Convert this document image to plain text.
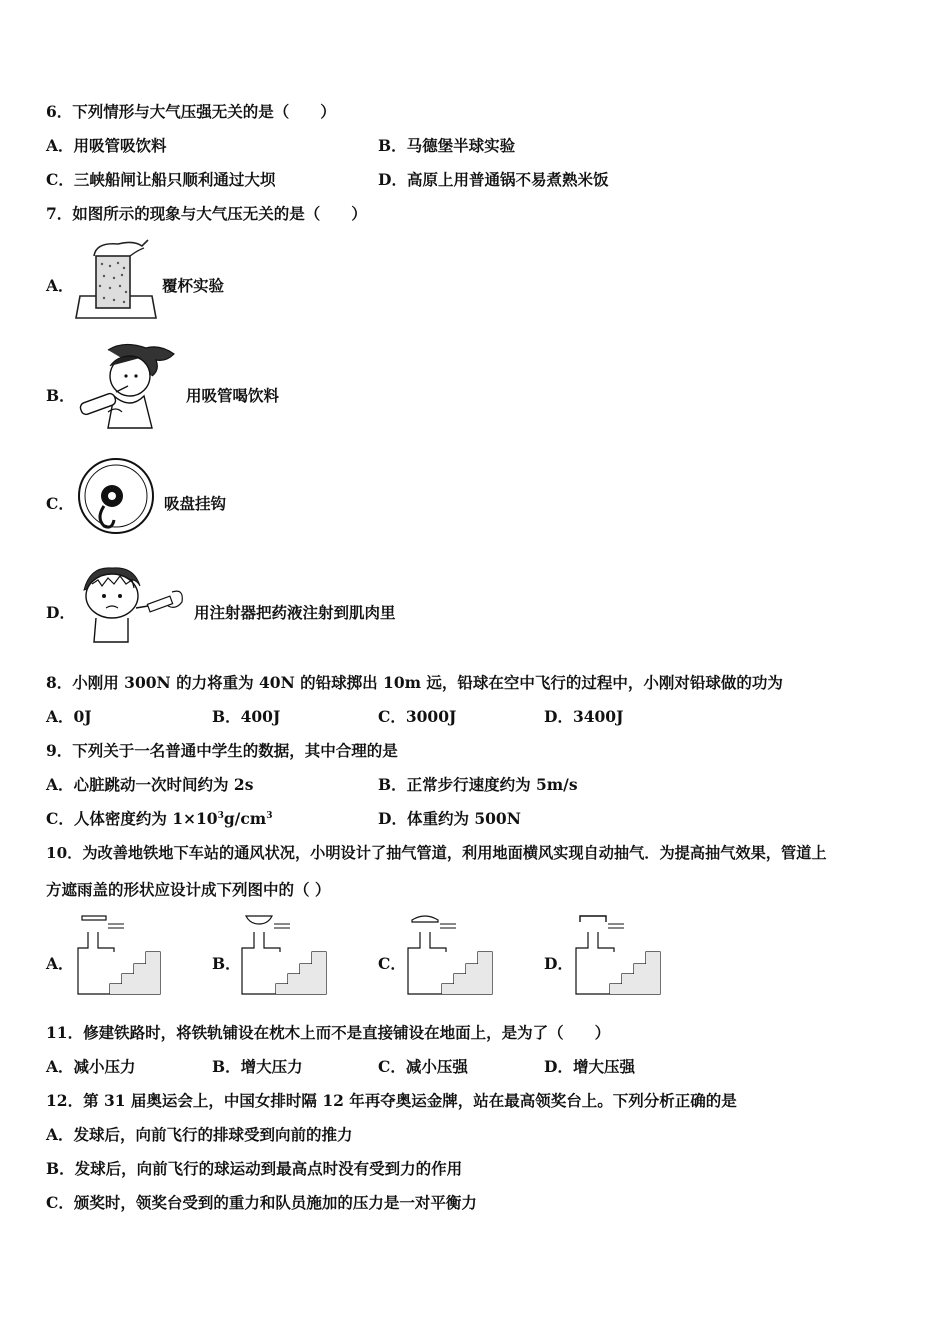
6．下列情形与大气压强无关的是（　　）
A．用吸管吸饮料	B．马德堡半球实验
C．三峡船闸让船只顺利通过大坝	D．高原上用普通锅不易煮熟米饭
7．如图所示的现象与大气压无关的是（　　）
A．	覆杯实验
B．	用吸管喝饮料
C．	吸盘挂钩
D．	用注射器把药液注射到肌肉里
8．小刚用 300N 的力将重为 40N 的铅球掷出 10m 远，铅球在空中飞行的过程中，小刚对铅球做的功为
A．0J	B．400J	C．3000J	D．3400J
9．下列关于一名普通中学生的数据，其中合理的是
A．心脏跳动一次时间约为 2s	B．正常步行速度约为 5m/s
C．人体密度约为 $1\times 10^3g/cm^3$	D．体重约为 500N
10．为改善地铁地下车站的通风状况，小明设计了抽气管道，利用地面横风实现自动抽气．为提高抽气效果，管道上
方遮雨盖的形状应设计成下列图中的（ ）
A．	B．	C．	D．
11．修建铁路时，将铁轨铺设在枕木上而不是直接铺设在地面上，是为了（　　）
A．减小压力	B．增大压力	C．减小压强	D．增大压强
12．第 31 届奥运会上，中国女排时隔 12 年再夺奥运金牌，站在最高领奖台上。下列分析正确的是
A．发球后，向前飞行的排球受到向前的推力
B．发球后，向前飞行的球运动到最高点时没有受到力的作用
C．颁奖时，领奖台受到的重力和队员施加的压力是一对平衡力
